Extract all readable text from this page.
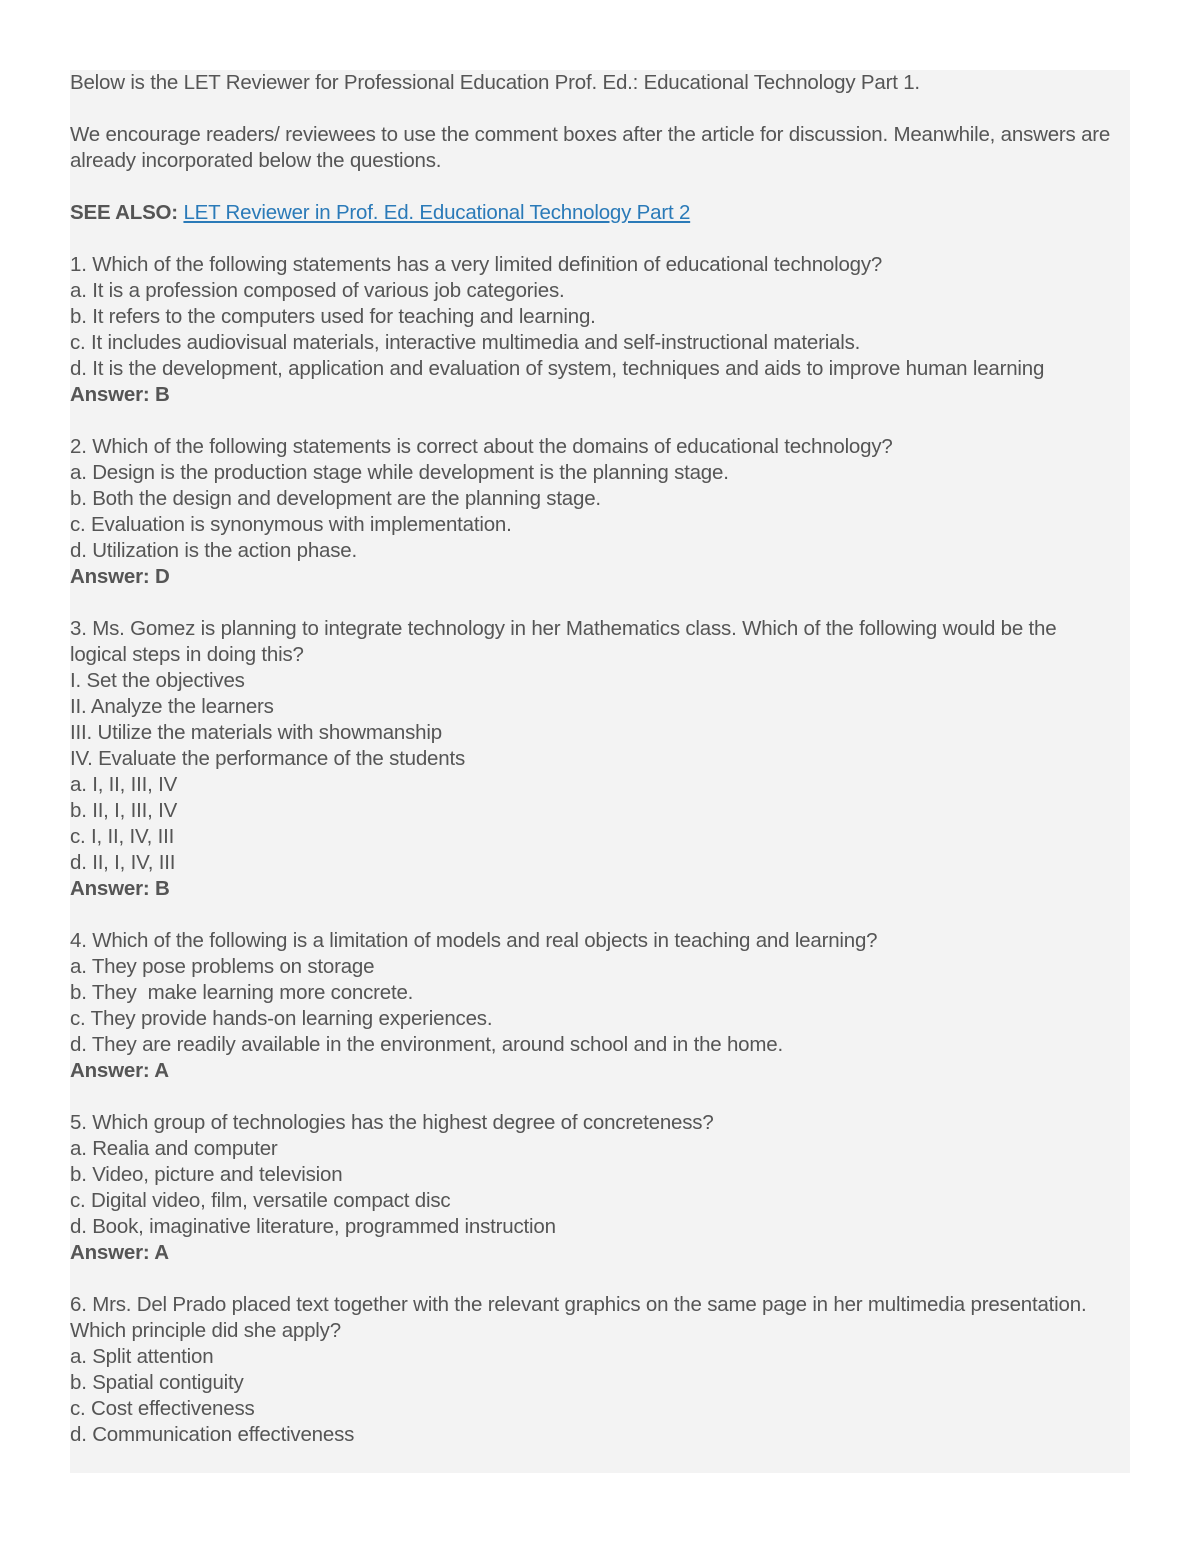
Below is the LET Reviewer for Professional Education Prof. Ed.: Educational Technology Part 1.
We encourage readers/ reviewees to use the comment boxes after the article for discussion. Meanwhile, answers are already incorporated below the questions.
SEE ALSO: LET Reviewer in Prof. Ed. Educational Technology Part 2
1. Which of the following statements has a very limited definition of educational technology?
a. It is a profession composed of various job categories.
b. It refers to the computers used for teaching and learning.
c. It includes audiovisual materials, interactive multimedia and self-instructional materials.
d. It is the development, application and evaluation of system, techniques and aids to improve human learning
Answer: B
2. Which of the following statements is correct about the domains of educational technology?
a. Design is the production stage while development is the planning stage.
b. Both the design and development are the planning stage.
c. Evaluation is synonymous with implementation.
d. Utilization is the action phase.
Answer: D
3. Ms. Gomez is planning to integrate technology in her Mathematics class. Which of the following would be the logical steps in doing this?
I. Set the objectives
II. Analyze the learners
III. Utilize the materials with showmanship
IV. Evaluate the performance of the students
a. I, II, III, IV
b. II, I, III, IV
c. I, II, IV, III
d. II, I, IV, III
Answer: B
4. Which of the following is a limitation of models and real objects in teaching and learning?
a. They pose problems on storage
b. They  make learning more concrete.
c. They provide hands-on learning experiences.
d. They are readily available in the environment, around school and in the home.
Answer: A
5. Which group of technologies has the highest degree of concreteness?
a. Realia and computer
b. Video, picture and television
c. Digital video, film, versatile compact disc
d. Book, imaginative literature, programmed instruction
Answer: A
6. Mrs. Del Prado placed text together with the relevant graphics on the same page in her multimedia presentation. Which principle did she apply?
a. Split attention
b. Spatial contiguity
c. Cost effectiveness
d. Communication effectiveness
